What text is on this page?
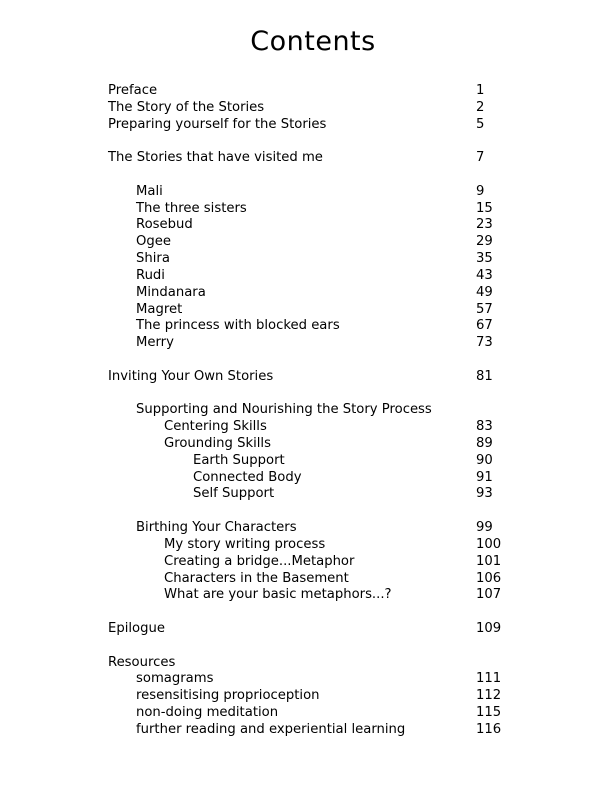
Contents
Preface	1
The Story of the Stories	2
Preparing yourself for the Stories	5
The Stories that have visited me	7
Mali	9
The three sisters	15
Rosebud	23
Ogee	29
Shira	35
Rudi	43
Mindanara	49
Magret	57
The princess with blocked ears	67
Merry	73
Inviting Your Own Stories	81
Supporting and Nourishing the Story Process
Centering Skills	83
Grounding Skills	89
Earth Support	90
Connected Body	91
Self Support	93
Birthing Your Characters	99
My story writing process	100
Creating a bridge...Metaphor	101
Characters in the Basement	106
What are your basic metaphors...?	107
Epilogue	109
Resources
somagrams	111
resensitising proprioception	112
non-doing meditation	115
further reading and experiential learning	116
